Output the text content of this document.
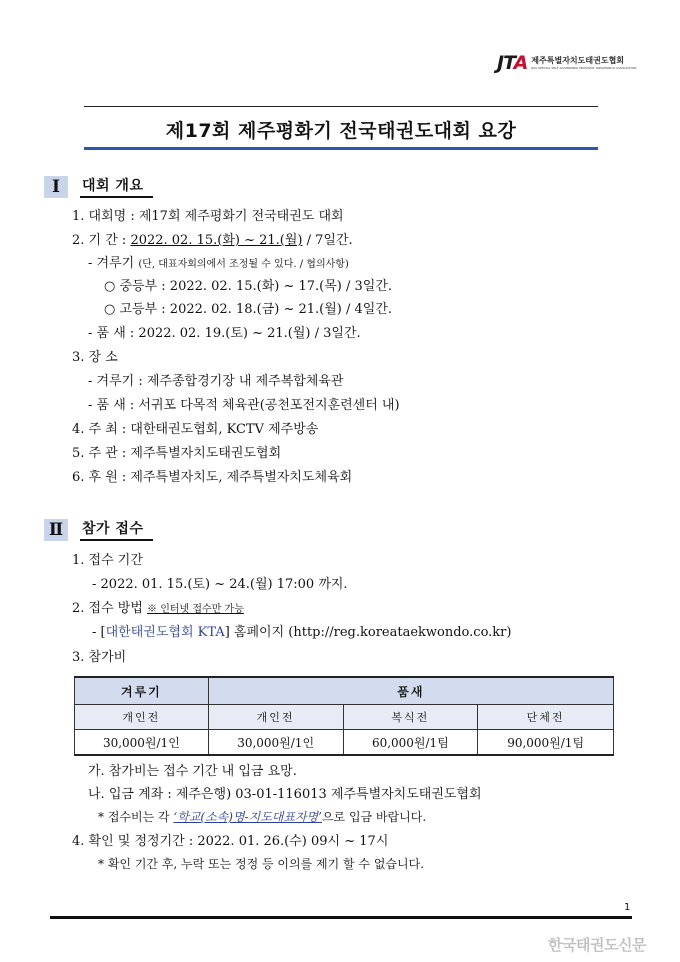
JTA 제주특별자치도태권도협회
JEJU SPECIAL SELF-GOVERNING PROVINCE TAEKWONDO ASSOCIATION
제17회 제주평화기 전국태권도대회 요강
Ⅰ	대회 개요
1. 대회명 : 제17회 제주평화기 전국태권도 대회
2. 기 간 : 2022. 02. 15.(화) ~ 21.(월) / 7일간.
- 겨루기 (단, 대표자회의에서 조정될 수 있다. / 협의사항)
○ 중등부 : 2022. 02. 15.(화) ~ 17.(목) / 3일간.
○ 고등부 : 2022. 02. 18.(금) ~ 21.(월) / 4일간.
- 품 새 : 2022. 02. 19.(토) ~ 21.(월) / 3일간.
3. 장 소
- 겨루기 : 제주종합경기장 내 제주복합체육관
- 품 새 : 서귀포 다목적 체육관(공천포전지훈련센터 내)
4. 주 최 : 대한태권도협회, KCTV 제주방송
5. 주 관 : 제주특별자치도태권도협회
6. 후 원 : 제주특별자치도, 제주특별자치도체육회
Ⅱ	참가 접수
1. 접수 기간
- 2022. 01. 15.(토) ~ 24.(월) 17:00 까지.
2. 접수 방법 ※ 인터넷 접수만 가능
- [대한태권도협회 KTA] 홈페이지 (http://reg.koreataekwondo.co.kr)
3. 참가비
겨루기	품새		
개인전	개인전	복식전	단체전
30,000원/1인	30,000원/1인	60,000원/1팀	90,000원/1팀
가. 참가비는 접수 기간 내 입금 요망.
나. 입금 계좌 : 제주은행) 03-01-116013 제주특별자치도태권도협회
* 접수비는 각 ‘학교(소속)명-지도대표자명’으로 입금 바랍니다.
4. 확인 및 정정기간 : 2022. 01. 26.(수) 09시 ~ 17시
* 확인 기간 후, 누락 또는 정정 등 이의를 제기 할 수 없습니다.
1
한국태권도신문
